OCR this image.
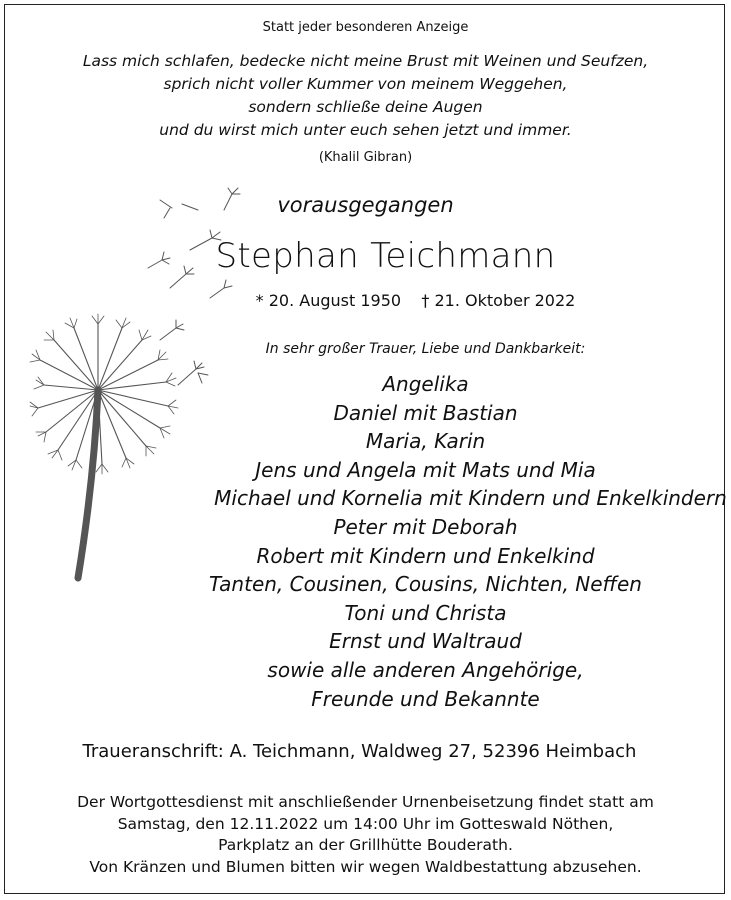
Statt jeder besonderen Anzeige
Lass mich schlafen, bedecke nicht meine Brust mit Weinen und Seufzen,
sprich nicht voller Kummer von meinem Weggehen,
sondern schließe deine Augen
und du wirst mich unter euch sehen jetzt und immer.
(Khalil Gibran)
vorausgegangen
Stephan Teichmann
* 20. August 1950    † 21. Oktober 2022
In sehr großer Trauer, Liebe und Dankbarkeit:
Angelika
Daniel mit Bastian
Maria, Karin
Jens und Angela mit Mats und Mia
Michael und Kornelia mit Kindern und Enkelkindern
Peter mit Deborah
Robert mit Kindern und Enkelkind
Tanten, Cousinen, Cousins, Nichten, Neffen
Toni und Christa
Ernst und Waltraud
sowie alle anderen Angehörige,
Freunde und Bekannte
Traueranschrift: A. Teichmann, Waldweg 27, 52396 Heimbach
Der Wortgottesdienst mit anschließender Urnenbeisetzung findet statt am
Samstag, den 12.11.2022 um 14:00 Uhr im Gotteswald Nöthen,
Parkplatz an der Grillhütte Bouderath.
Von Kränzen und Blumen bitten wir wegen Waldbestattung abzusehen.
